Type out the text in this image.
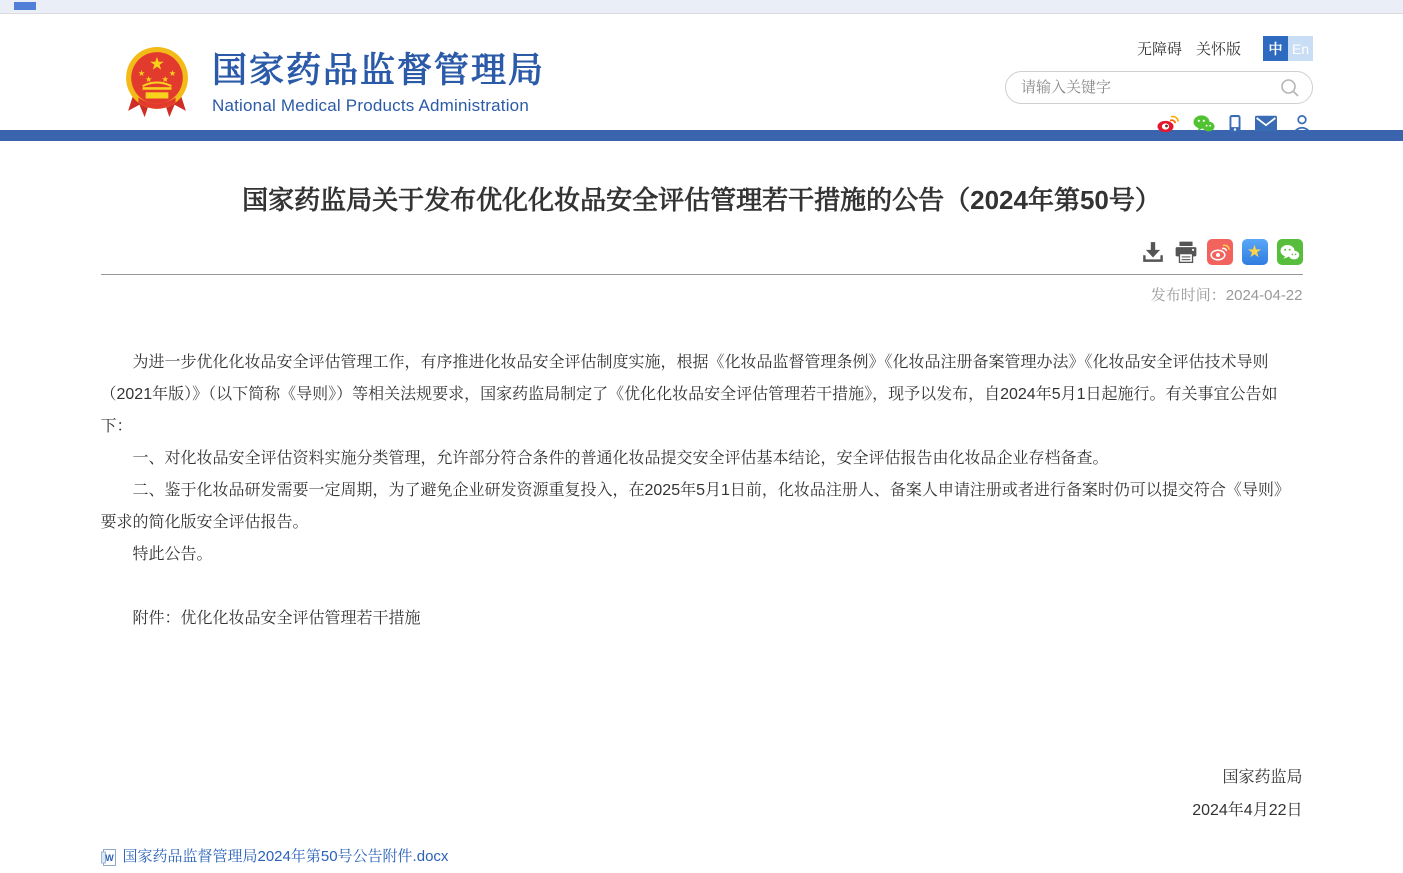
★
★	★
★ ★ 国家药品监督管理局
National Medical Products Administration
无障碍 关怀版	中 En
请输入关键字
国家药监局关于发布优化化妆品安全评估管理若干措施的公告（2024年第50号）
★
发布时间：2024-04-22

为进一步优化化妆品安全评估管理工作，有序推进化妆品安全评估制度实施，根据《化妆品监督管理条例》《化妆品注册备案管理办法》《化妆品安全评估技术导则（2021年版）》（以下简称《导则》）等相关法规要求，国家药监局制定了《优化化妆品安全评估管理若干措施》，现予以发布，自2024年5月1日起施行。有关事宜公告如下：

一、对化妆品安全评估资料实施分类管理，允许部分符合条件的普通化妆品提交安全评估基本结论，安全评估报告由化妆品企业存档备查。

二、鉴于化妆品研发需要一定周期，为了避免企业研发资源重复投入，在2025年5月1日前，化妆品注册人、备案人申请注册或者进行备案时仍可以提交符合《导则》要求的简化版安全评估报告。

特此公告。

附件：优化化妆品安全评估管理若干措施

国家药监局
2024年4月22日
W 国家药品监督管理局2024年第50号公告附件.docx
